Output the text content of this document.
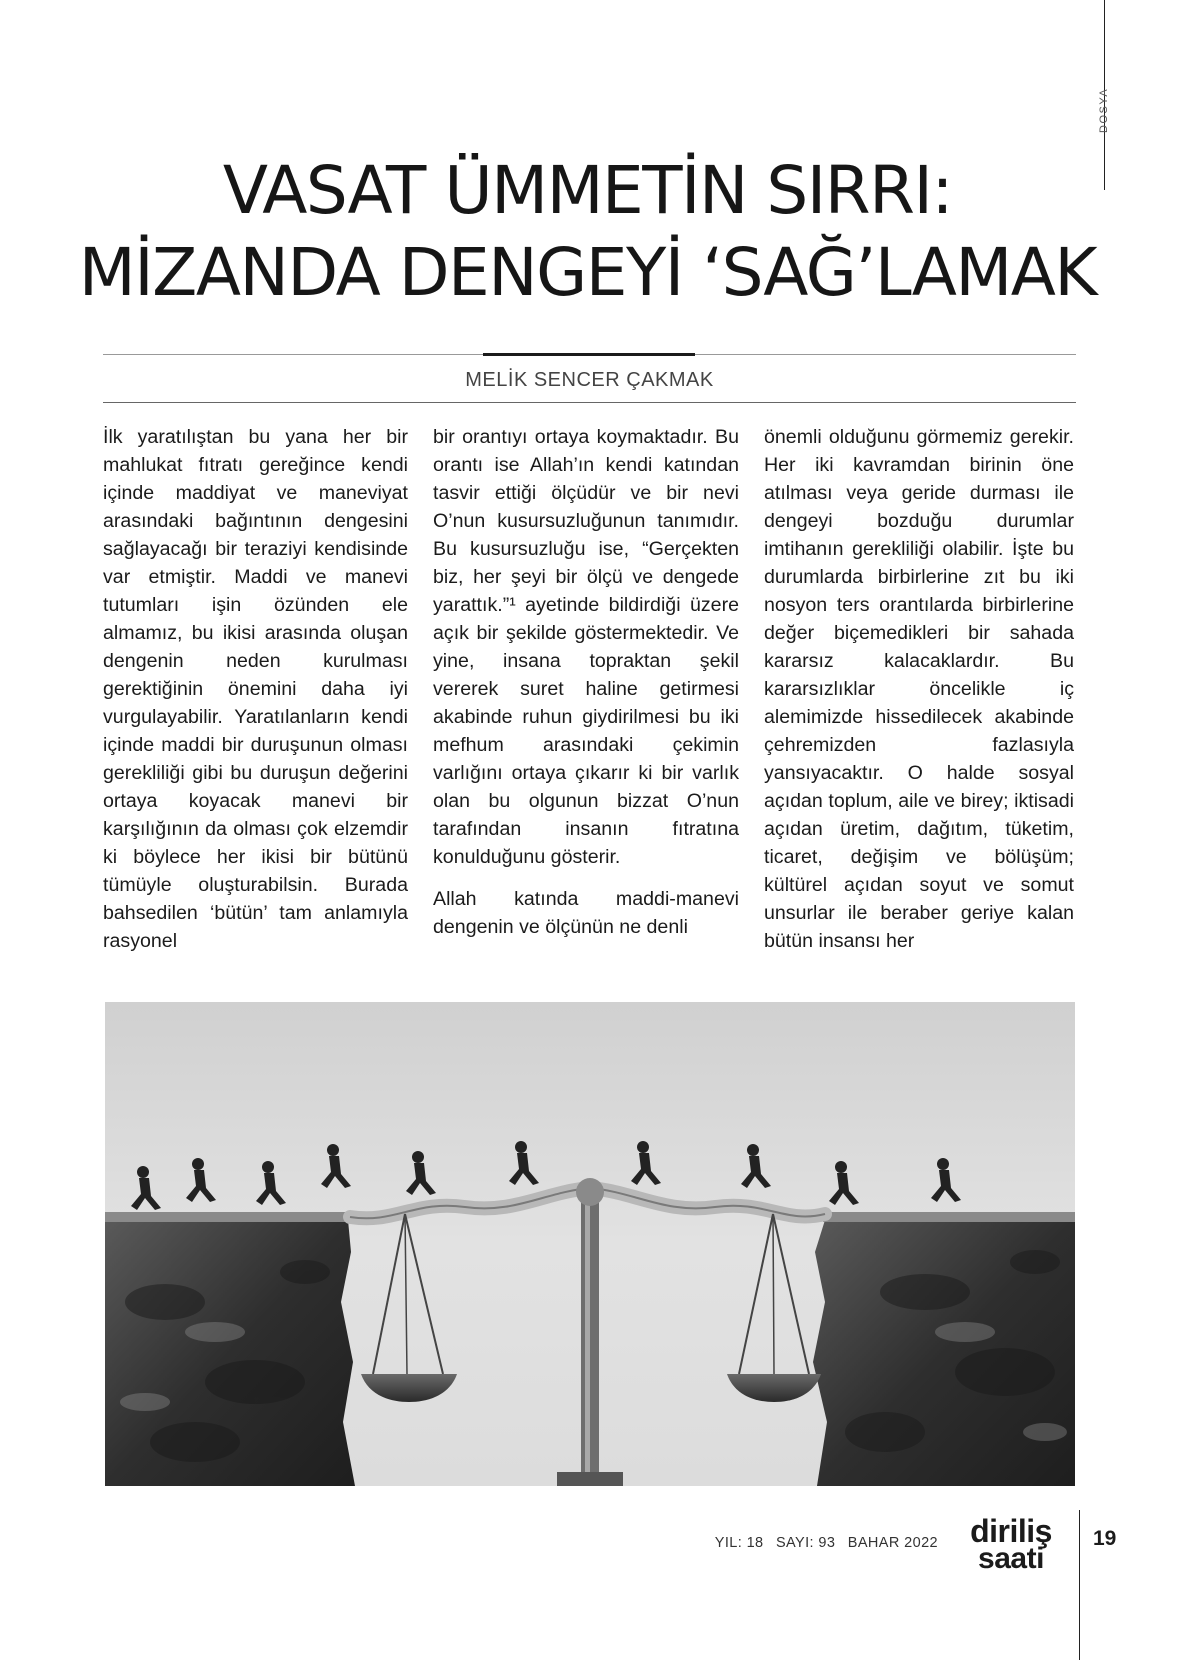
DOSYA
VASAT ÜMMETİN SIRRI:
MİZANDA DENGEYİ ‘SAĞ’LAMAK
MELİK SENCER ÇAKMAK

İlk yaratılıştan bu yana her bir mahlukat fıtratı gereğince kendi içinde maddiyat ve maneviyat arasındaki bağıntının dengesini sağlayacağı bir teraziyi kendisinde var etmiştir. Maddi ve manevi tutumları işin özünden ele almamız, bu ikisi arasında oluşan dengenin neden kurulması gerektiğinin önemini daha iyi vurgulayabilir. Yaratılanların kendi içinde maddi bir duruşunun olması gerekliliği gibi bu duruşun değerini ortaya koyacak manevi bir karşılığının da olması çok elzemdir ki böylece her ikisi bir bütünü tümüyle oluşturabilsin. Burada bahsedilen ‘bütün’ tam anlamıyla rasyonel

bir orantıyı ortaya koymaktadır. Bu orantı ise Allah’ın kendi katından tasvir ettiği ölçüdür ve bir nevi O’nun kusursuzluğunun tanımıdır. Bu kusursuzluğu ise, “Gerçekten biz, her şeyi bir ölçü ve dengede yarattık.”¹ ayetinde bildirdiği üzere açık bir şekilde göstermektedir. Ve yine, insana topraktan şekil vererek suret haline getirmesi akabinde ruhun giydirilmesi bu iki mefhum arasındaki çekimin varlığını ortaya çıkarır ki bir varlık olan bu olgunun bizzat O’nun tarafından insanın fıtratına konulduğunu gösterir.

Allah katında maddi-manevi dengenin ve ölçünün ne denli

önemli olduğunu görmemiz gerekir. Her iki kavramdan birinin öne atılması veya geride durması ile dengeyi bozduğu durumlar imtihanın gerekliliği olabilir. İşte bu durumlarda birbirlerine zıt bu iki nosyon ters orantılarda birbirlerine değer biçemedikleri bir sahada kararsız kalacaklardır. Bu kararsızlıklar öncelikle iç alemimizde hissedilecek akabinde çehremizden fazlasıyla yansıyacaktır. O halde sosyal açıdan toplum, aile ve birey; iktisadi açıdan üretim, dağıtım, tüketim, ticaret, değişim ve bölüşüm; kültürel açıdan soyut ve somut unsurlar ile beraber geriye kalan bütün insansı her

YIL: 18 SAYI: 93 BAHAR 2022 diriliş
saati
19
